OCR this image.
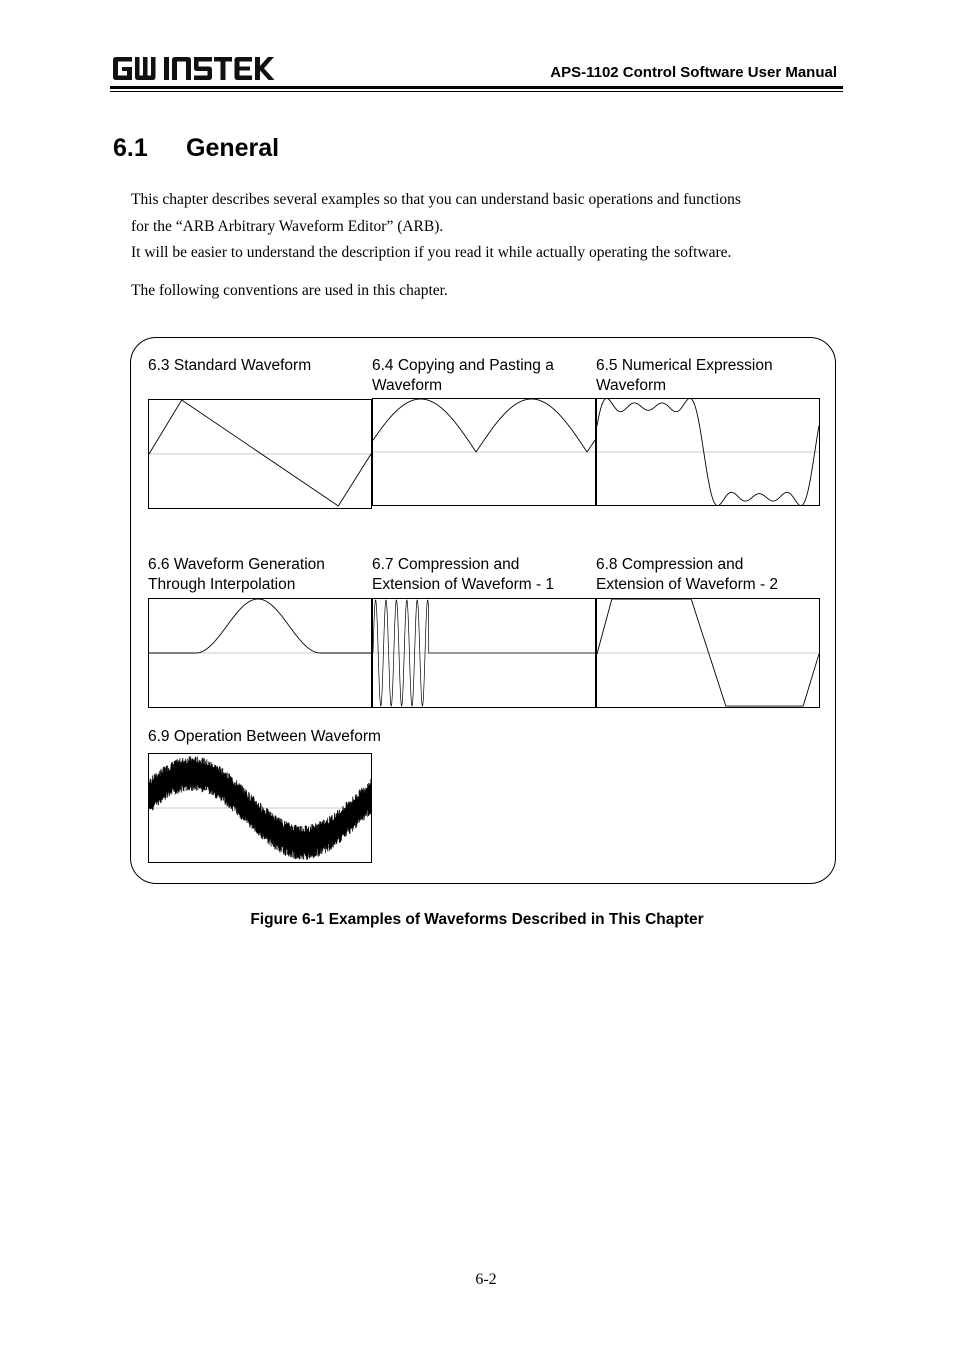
APS-1102 Control Software User Manual
6.1 General

This chapter describes several examples so that you can understand basic operations and functions

for the “ARB Arbitrary Waveform Editor” (ARB).

It will be easier to understand the description if you read it while actually operating the software.

The following conventions are used in this chapter.

6.3 Standard Waveform	6.4 Copying and Pasting a
Waveform
6.5 Numerical Expression
Waveform
6.6 Waveform Generation
Through Interpolation
6.7 Compression and
Extension of Waveform - 1
6.8 Compression and
Extension of Waveform - 2
6.9 Operation Between Waveform
Figure 6-1 Examples of Waveforms Described in This Chapter
6-2
